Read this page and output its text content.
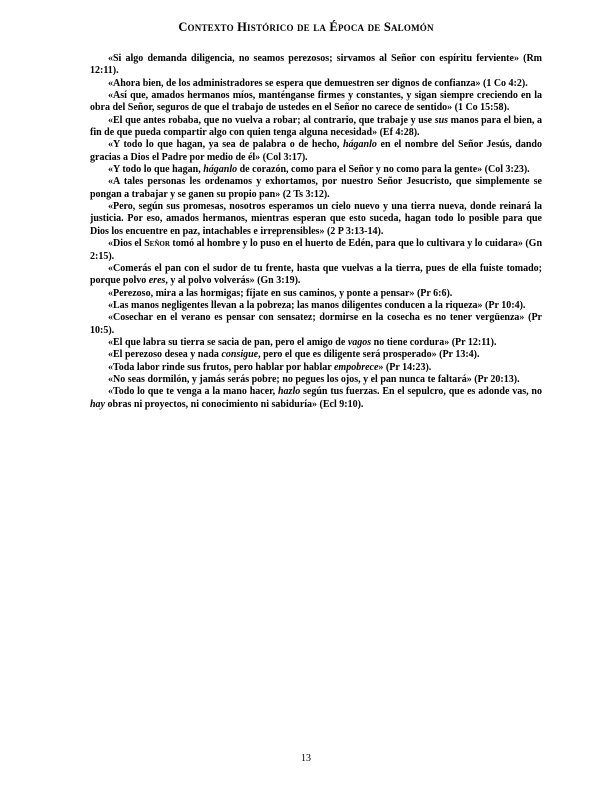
Contexto Histórico de la Época de Salomón

«Si algo demanda diligencia, no seamos perezosos; sirvamos al Señor con espíritu ferviente» (Rm 12:11).

«Ahora bien, de los administradores se espera que demuestren ser dignos de confianza» (1 Co 4:2).

«Así que, amados hermanos míos, manténganse firmes y constantes, y sigan siempre creciendo en la obra del Señor, seguros de que el trabajo de ustedes en el Señor no carece de sentido» (1 Co 15:58).

«El que antes robaba, que no vuelva a robar; al contrario, que trabaje y use sus manos para el bien, a fin de que pueda compartir algo con quien tenga alguna necesidad» (Ef 4:28).

«Y todo lo que hagan, ya sea de palabra o de hecho, háganlo en el nombre del Señor Jesús, dando gracias a Dios el Padre por medio de él» (Col 3:17).

«Y todo lo que hagan, háganlo de corazón, como para el Señor y no como para la gente» (Col 3:23).

«A tales personas les ordenamos y exhortamos, por nuestro Señor Jesucristo, que simplemente se pongan a trabajar y se ganen su propio pan» (2 Ts 3:12).

«Pero, según sus promesas, nosotros esperamos un cielo nuevo y una tierra nueva, donde reinará la justicia. Por eso, amados hermanos, mientras esperan que esto suceda, hagan todo lo posible para que Dios los encuentre en paz, intachables e irreprensibles» (2 P 3:13-14).

«Dios el Señor tomó al hombre y lo puso en el huerto de Edén, para que lo cultivara y lo cuidara» (Gn 2:15).

«Comerás el pan con el sudor de tu frente, hasta que vuelvas a la tierra, pues de ella fuiste tomado; porque polvo eres, y al polvo volverás» (Gn 3:19).

«Perezoso, mira a las hormigas; fíjate en sus caminos, y ponte a pensar» (Pr 6:6).

«Las manos negligentes llevan a la pobreza; las manos diligentes conducen a la riqueza» (Pr 10:4).

«Cosechar en el verano es pensar con sensatez; dormirse en la cosecha es no tener vergüenza» (Pr 10:5).

«El que labra su tierra se sacia de pan, pero el amigo de vagos no tiene cordura» (Pr 12:11).

«El perezoso desea y nada consigue, pero el que es diligente será prosperado» (Pr 13:4).

«Toda labor rinde sus frutos, pero hablar por hablar empobrece» (Pr 14:23).

«No seas dormilón, y jamás serás pobre; no pegues los ojos, y el pan nunca te faltará» (Pr 20:13).

«Todo lo que te venga a la mano hacer, hazlo según tus fuerzas. En el sepulcro, que es adonde vas, no hay obras ni proyectos, ni conocimiento ni sabiduría» (Ecl 9:10).

13
